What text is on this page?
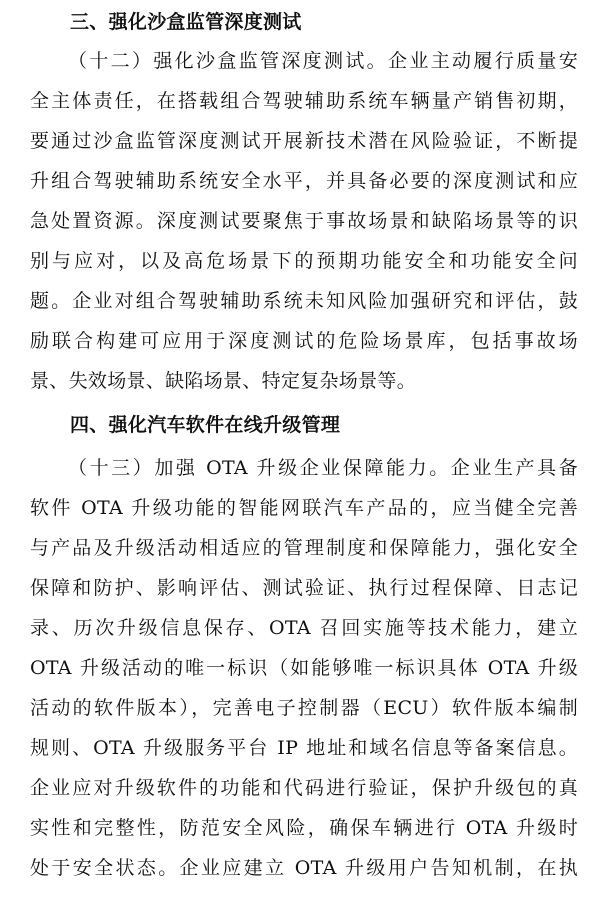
三、强化沙盒监管深度测试
（十二）强化沙盒监管深度测试。企业主动履行质量安
全主体责任，在搭载组合驾驶辅助系统车辆量产销售初期，
要通过沙盒监管深度测试开展新技术潜在风险验证，不断提
升组合驾驶辅助系统安全水平，并具备必要的深度测试和应
急处置资源。深度测试要聚焦于事故场景和缺陷场景等的识
别与应对，以及高危场景下的预期功能安全和功能安全问
题。企业对组合驾驶辅助系统未知风险加强研究和评估，鼓
励联合构建可应用于深度测试的危险场景库，包括事故场
景、失效场景、缺陷场景、特定复杂场景等。
四、强化汽车软件在线升级管理
（十三）加强 OTA 升级企业保障能力。企业生产具备
软件 OTA 升级功能的智能网联汽车产品的，应当健全完善
与产品及升级活动相适应的管理制度和保障能力，强化安全
保障和防护、影响评估、测试验证、执行过程保障、日志记
录、历次升级信息保存、OTA 召回实施等技术能力，建立
OTA 升级活动的唯一标识（如能够唯一标识具体 OTA 升级
活动的软件版本），完善电子控制器（ECU）软件版本编制
规则、OTA 升级服务平台 IP 地址和域名信息等备案信息。
企业应对升级软件的功能和代码进行验证，保护升级包的真
实性和完整性，防范安全风险，确保车辆进行 OTA 升级时
处于安全状态。企业应建立 OTA 升级用户告知机制，在执
